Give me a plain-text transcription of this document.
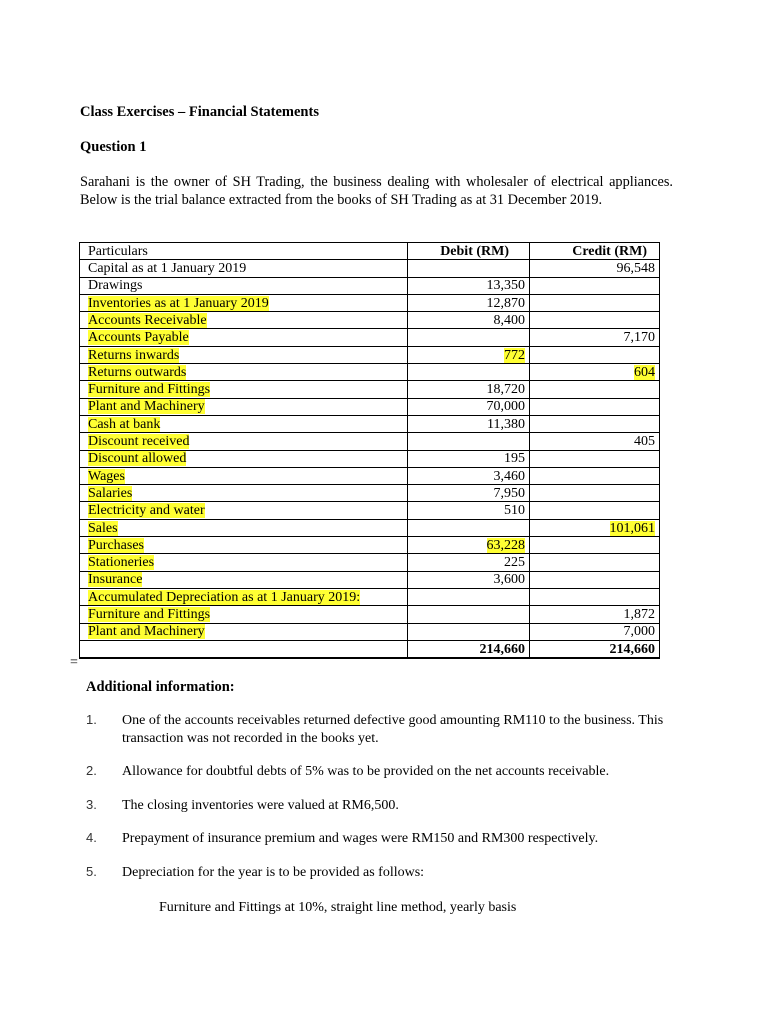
Class Exercises – Financial Statements
Question 1
Sarahani is the owner of SH Trading, the business dealing with wholesaler of electrical appliances. Below is the trial balance extracted from the books of SH Trading as at 31 December 2019.
Particulars	Debit (RM)	Credit (RM)
Capital as at 1 January 2019		96,548
Drawings	13,350	
Inventories as at 1 January 2019	12,870	
Accounts Receivable	8,400	
Accounts Payable		7,170
Returns inwards	772	
Returns outwards		604
Furniture and Fittings	18,720	
Plant and Machinery	70,000	
Cash at bank	11,380	
Discount received		405
Discount allowed	195	
Wages	3,460	
Salaries	7,950	
Electricity and water	510	
Sales		101,061
Purchases	63,228	
Stationeries	225	
Insurance	3,600	
Accumulated Depreciation as at 1 January 2019:		
Furniture and Fittings		1,872
Plant and Machinery		7,000
	214,660	214,660
=
Additional information:
1. One of the accounts receivables returned defective good amounting RM110 to the business. This transaction was not recorded in the books yet.
2. Allowance for doubtful debts of 5% was to be provided on the net accounts receivable.
3. The closing inventories were valued at RM6,500.
4. Prepayment of insurance premium and wages were RM150 and RM300 respectively.
5. Depreciation for the year is to be provided as follows:
Furniture and Fittings at 10%, straight line method, yearly basis
